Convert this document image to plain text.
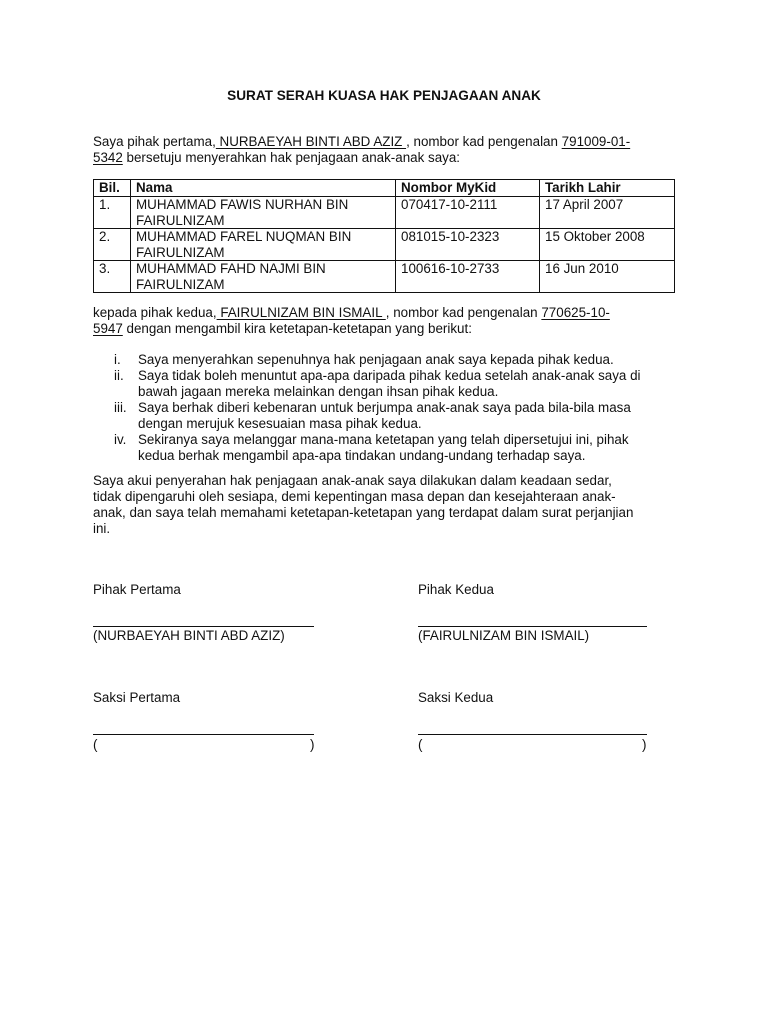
SURAT SERAH KUASA HAK PENJAGAAN ANAK
Saya pihak pertama, NURBAEYAH BINTI ABD AZIZ , nombor kad pengenalan 791009-01-
5342 bersetuju menyerahkan hak penjagaan anak-anak saya:
Bil.	Nama	Nombor MyKid	Tarikh Lahir
1.	MUHAMMAD FAWIS NURHAN BIN
FAIRULNIZAM	070417-10-2111	17 April 2007
2.	MUHAMMAD FAREL NUQMAN BIN
FAIRULNIZAM	081015-10-2323	15 Oktober 2008
3.	MUHAMMAD FAHD NAJMI BIN
FAIRULNIZAM	100616-10-2733	16 Jun 2010
kepada pihak kedua, FAIRULNIZAM BIN ISMAIL , nombor kad pengenalan 770625-10-
5947 dengan mengambil kira ketetapan-ketetapan yang berikut:
i.	Saya menyerahkan sepenuhnya hak penjagaan anak saya kepada pihak kedua.
ii.	Saya tidak boleh menuntut apa-apa daripada pihak kedua setelah anak-anak saya di
bawah jagaan mereka melainkan dengan ihsan pihak kedua.
iii. Saya berhak diberi kebenaran untuk berjumpa anak-anak saya pada bila-bila masa
dengan merujuk kesesuaian masa pihak kedua.
iv. Sekiranya saya melanggar mana-mana ketetapan yang telah dipersetujui ini, pihak
kedua berhak mengambil apa-apa tindakan undang-undang terhadap saya.
Saya akui penyerahan hak penjagaan anak-anak saya dilakukan dalam keadaan sedar,
tidak dipengaruhi oleh sesiapa, demi kepentingan masa depan dan kesejahteraan anak-
anak, dan saya telah memahami ketetapan-ketetapan yang terdapat dalam surat perjanjian
ini.
Pihak Pertama	Pihak Kedua
(NURBAEYAH BINTI ABD AZIZ)	(FAIRULNIZAM BIN ISMAIL)
Saksi Pertama	Saksi Kedua
(	)	(	)
